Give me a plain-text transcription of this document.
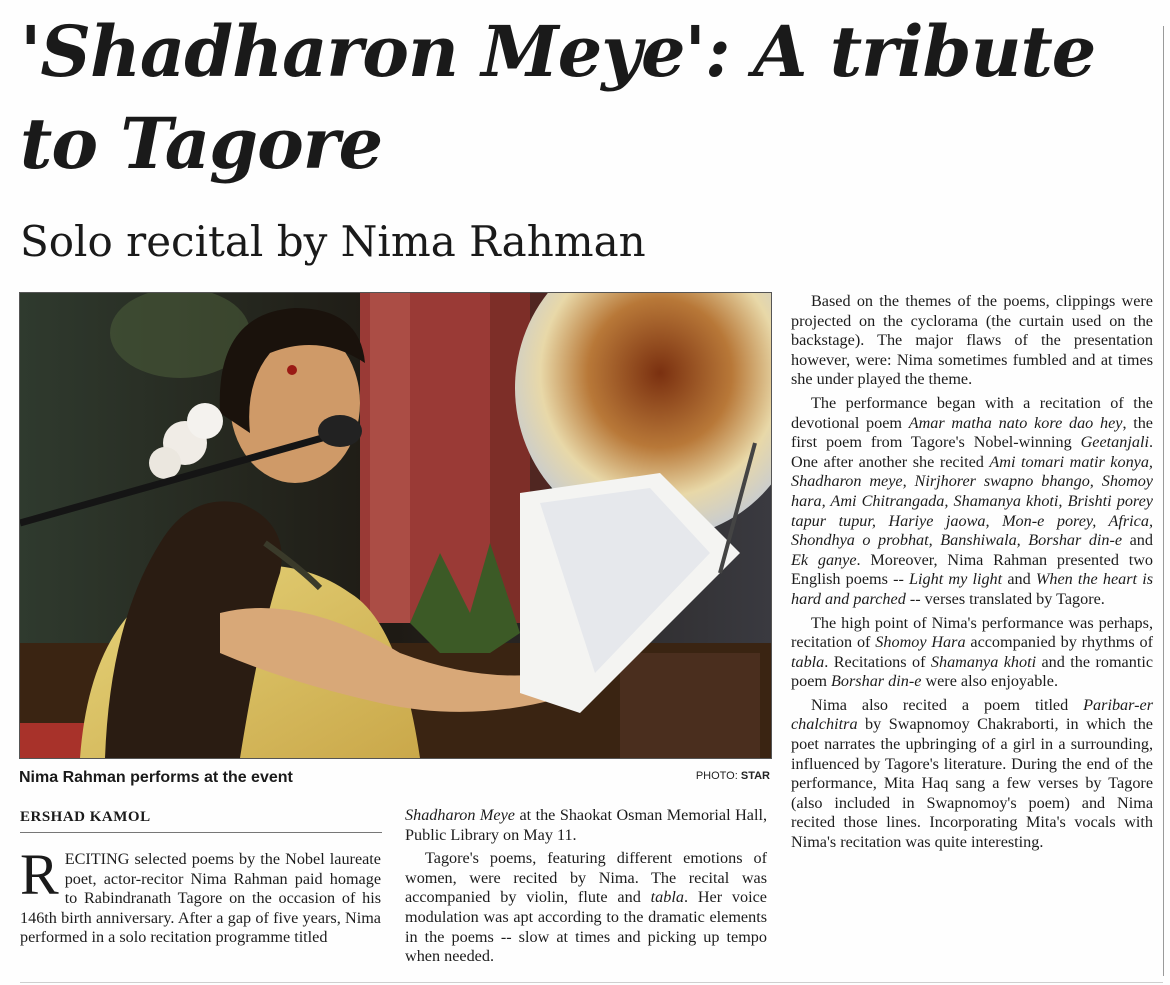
'Shadharon Meye': A tribute to Tagore
Solo recital by Nima Rahman
Nima Rahman performs at the event	PHOTO: STAR
ERSHAD KAMOL

RECITING selected poems by the Nobel laureate poet, actor-recitor Nima Rahman paid homage to Rabindranath Tagore on the occasion of his 146th birth anniversary. After a gap of five years, Nima performed in a solo recitation programme titled

Shadharon Meye at the Shaokat Osman Memorial Hall, Public Library on May 11.

Tagore's poems, featuring different emotions of women, were recited by Nima. The recital was accompanied by violin, flute and tabla. Her voice modulation was apt according to the dramatic elements in the poems -- slow at times and picking up tempo when needed.

Based on the themes of the poems, clippings were projected on the cyclorama (the curtain used on the backstage). The major flaws of the presentation however, were: Nima sometimes fumbled and at times she under played the theme.

The performance began with a recitation of the devotional poem Amar matha nato kore dao hey, the first poem from Tagore's Nobel-winning Geetanjali. One after another she recited Ami tomari matir konya, Shadharon meye, Nirjhorer swapno bhango, Shomoy hara, Ami Chitrangada, Shamanya khoti, Brishti porey tapur tupur, Hariye jaowa, Mon-e porey, Africa, Shondhya o probhat, Banshiwala, Borshar din-e and Ek ganye. Moreover, Nima Rahman presented two English poems -- Light my light and When the heart is hard and parched -- verses translated by Tagore.

The high point of Nima's performance was perhaps, recitation of Shomoy Hara accompanied by rhythms of tabla. Recitations of Shamanya khoti and the romantic poem Borshar din-e were also enjoyable.

Nima also recited a poem titled Paribar-er chalchitra by Swapnomoy Chakraborti, in which the poet narrates the upbringing of a girl in a surrounding, influenced by Tagore's literature. During the end of the performance, Mita Haq sang a few verses by Tagore (also included in Swapnomoy's poem) and Nima recited those lines. Incorporating Mita's vocals with Nima's recitation was quite interesting.
